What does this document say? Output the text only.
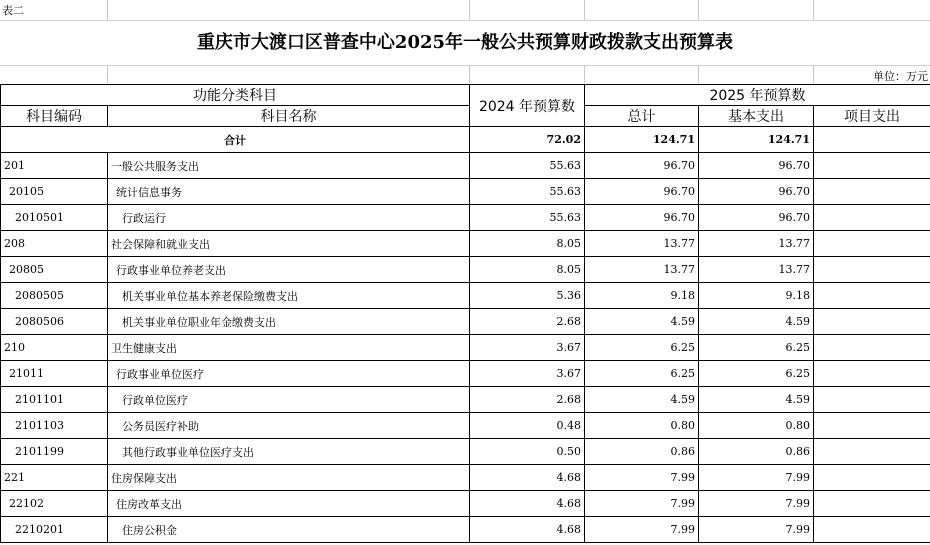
表二
重庆市大渡口区普查中心2025年一般公共预算财政拨款支出预算表
单位：万元
功能分类科目		2024 年预算数	2025 年预算数		
科目编码	科目名称		总计	基本支出	项目支出
合计		72.02	124.71	124.71	
201	一般公共服务支出	55.63	96.70	96.70	
20105	统计信息事务	55.63	96.70	96.70	
2010501	行政运行	55.63	96.70	96.70	
208	社会保障和就业支出	8.05	13.77	13.77	
20805	行政事业单位养老支出	8.05	13.77	13.77	
2080505	机关事业单位基本养老保险缴费支出	5.36	9.18	9.18	
2080506	机关事业单位职业年金缴费支出	2.68	4.59	4.59	
210	卫生健康支出	3.67	6.25	6.25	
21011	行政事业单位医疗	3.67	6.25	6.25	
2101101	行政单位医疗	2.68	4.59	4.59	
2101103	公务员医疗补助	0.48	0.80	0.80	
2101199	其他行政事业单位医疗支出	0.50	0.86	0.86	
221	住房保障支出	4.68	7.99	7.99	
22102	住房改革支出	4.68	7.99	7.99	
2210201	住房公积金	4.68	7.99	7.99	
